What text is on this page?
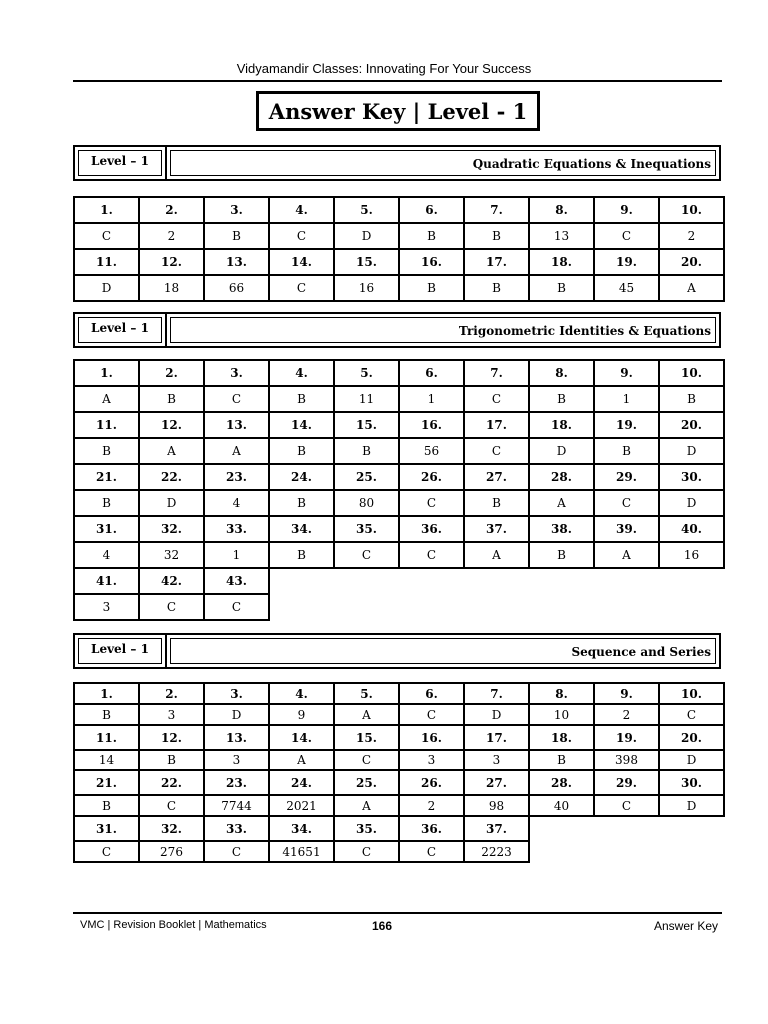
Vidyamandir Classes: Innovating For Your Success
Answer Key | Level - 1
Level – 1	Quadratic Equations & Inequations
1.	2.	3.	4.	5.	6.	7.	8.	9.	10.
C	2	B	C	D	B	B	13	C	2
11.	12.	13.	14.	15.	16.	17.	18.	19.	20.
D	18	66	C	16	B	B	B	45	A
Level – 1	Trigonometric Identities & Equations
1.	2.	3.	4.	5.	6.	7.	8.	9.	10.
A	B	C	B	11	1	C	B	1	B
11.	12.	13.	14.	15.	16.	17.	18.	19.	20.
B	A	A	B	B	56	C	D	B	D
21.	22.	23.	24.	25.	26.	27.	28.	29.	30.
B	D	4	B	80	C	B	A	C	D
31.	32.	33.	34.	35.	36.	37.	38.	39.	40.
4	32	1	B	C	C	A	B	A	16
41.	42.	43.							
3	C	C							
Level – 1	Sequence and Series
1.	2.	3.	4.	5.	6.	7.	8.	9.	10.
B	3	D	9	A	C	D	10	2	C
11.	12.	13.	14.	15.	16.	17.	18.	19.	20.
14	B	3	A	C	3	3	B	398	D
21.	22.	23.	24.	25.	26.	27.	28.	29.	30.
B	C	7744	2021	A	2	98	40	C	D
31.	32.	33.	34.	35.	36.	37.			
C	276	C	41651	C	C	2223			
VMC | Revision Booklet | Mathematics	166	Answer Key
